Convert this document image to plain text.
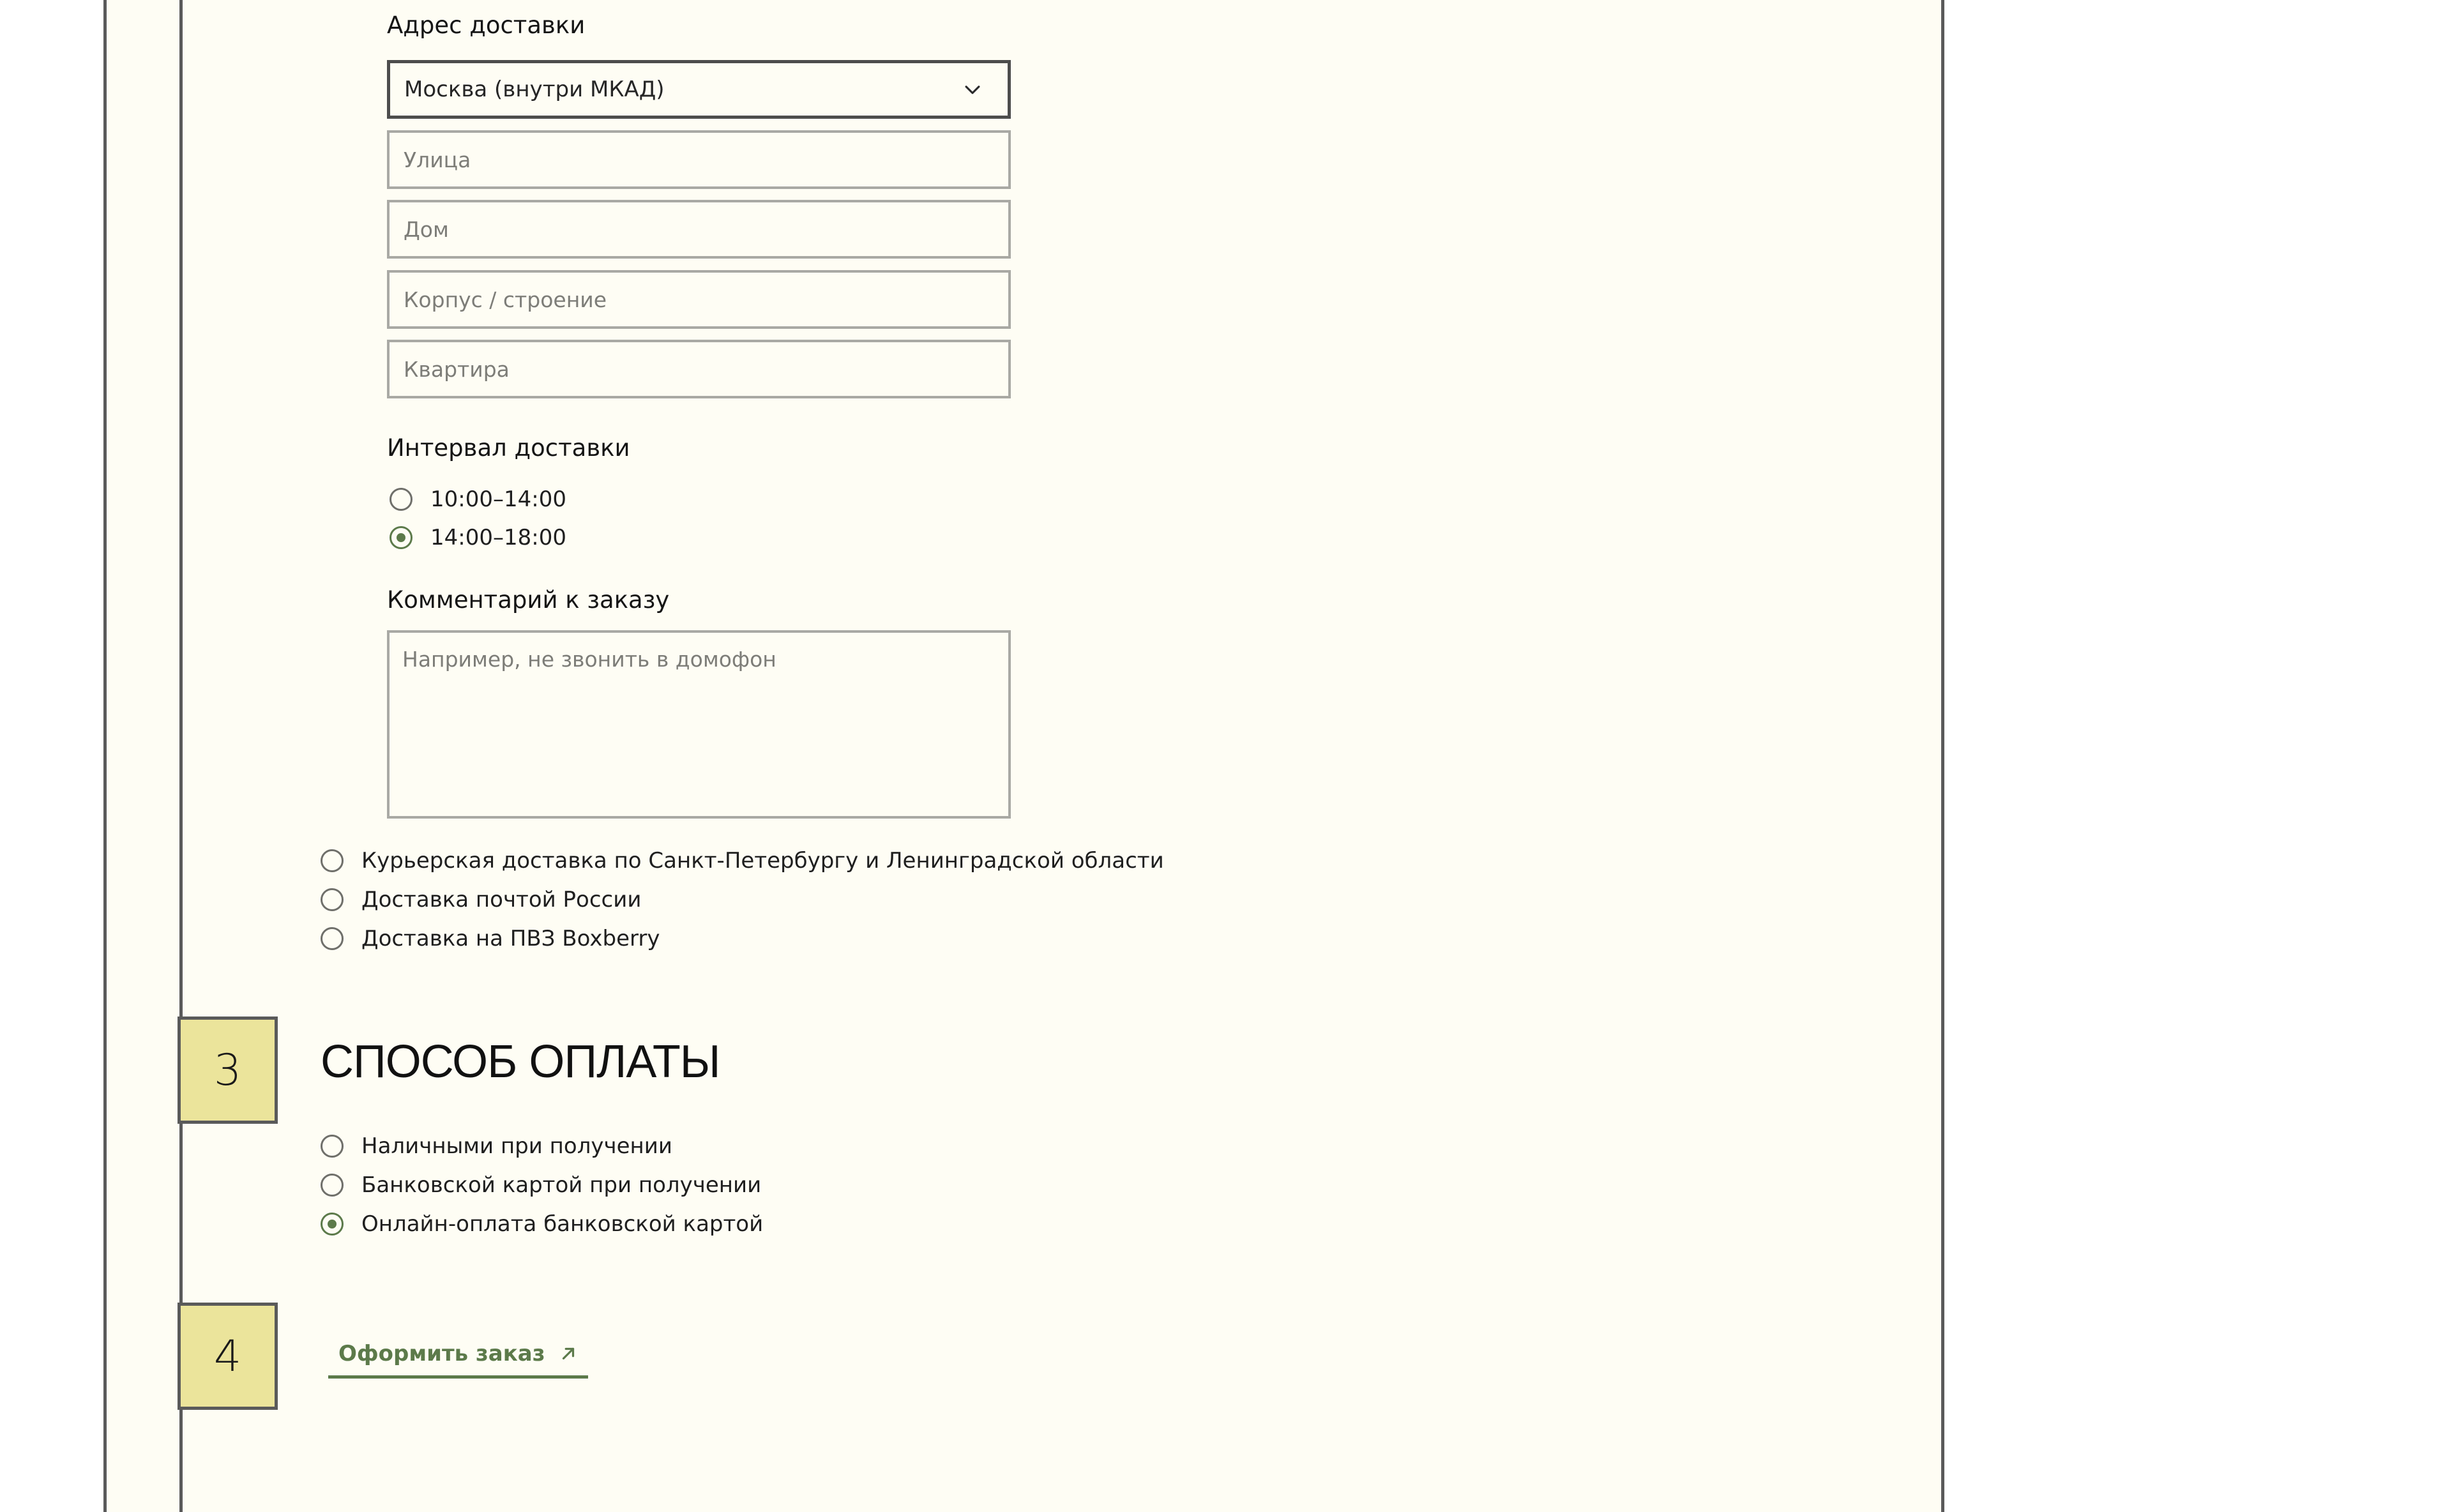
Адрес доставки
Москва (внутри МКАД)
Улица
Дом
Корпус / строение
Квартира
Интервал доставки
10:00–14:00
14:00–18:00
Комментарий к заказу
Например, не звонить в домофон
Курьерская доставка по Санкт-Петербургу и Ленинградской области
Доставка почтой России
Доставка на ПВЗ Boxberry
3	СПОСОБ ОПЛАТЫ
Наличными при получении
Банковской картой при получении
Онлайн-оплата банковской картой
4	Оформить заказ
